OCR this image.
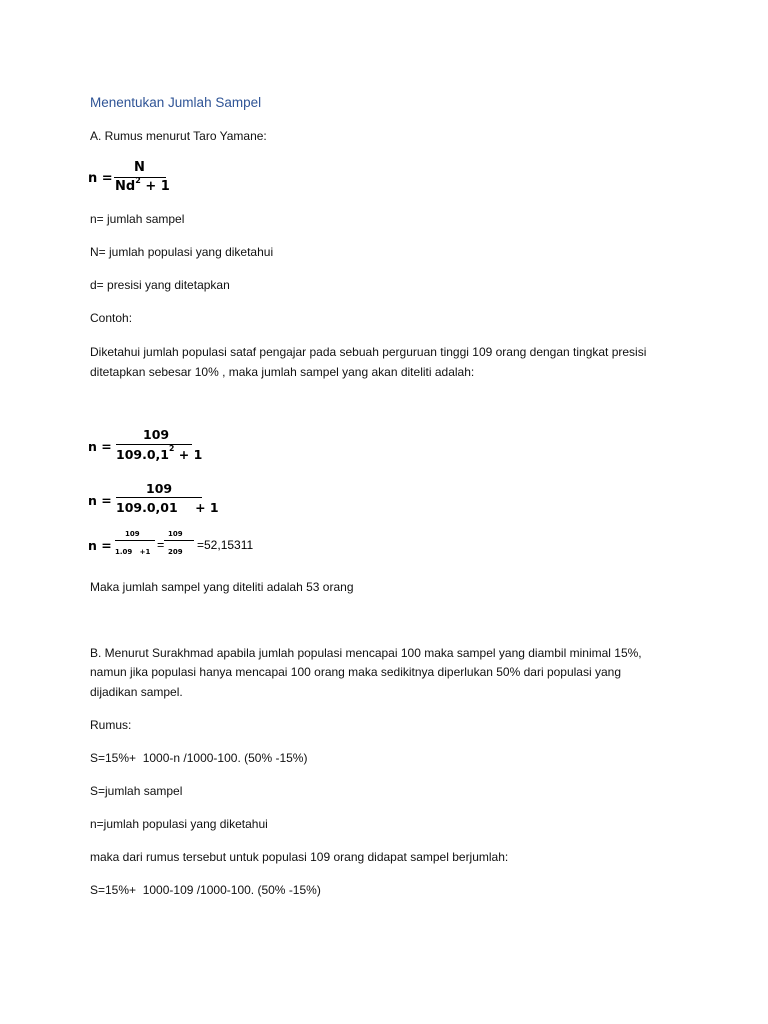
Menentukan Jumlah Sampel
A. Rumus menurut Taro Yamane:
n =
N
$Nd^2 + 1$
n= jumlah sampel
N= jumlah populasi yang diketahui
d= presisi yang ditetapkan
Contoh:
Diketahui jumlah populasi sataf pengajar pada sebuah perguruan tinggi 109 orang dengan tingkat presisi
ditetapkan sebesar 10% , maka jumlah sampel yang akan diteliti adalah:
n =
109
$109.0,1^2 + 1$
n =
109
109.0,01    + 1
n =
109
1.09   +1 =
109
209 =52,15311
Maka jumlah sampel yang diteliti adalah 53 orang
B. Menurut Surakhmad apabila jumlah populasi mencapai 100 maka sampel yang diambil minimal 15%,
namun jika populasi hanya mencapai 100 orang maka sedikitnya diperlukan 50% dari populasi yang
dijadikan sampel.
Rumus:
S=15%+  1000-n /1000-100. (50% -15%)
S=jumlah sampel
n=jumlah populasi yang diketahui
maka dari rumus tersebut untuk populasi 109 orang didapat sampel berjumlah:
S=15%+  1000-109 /1000-100. (50% -15%)
